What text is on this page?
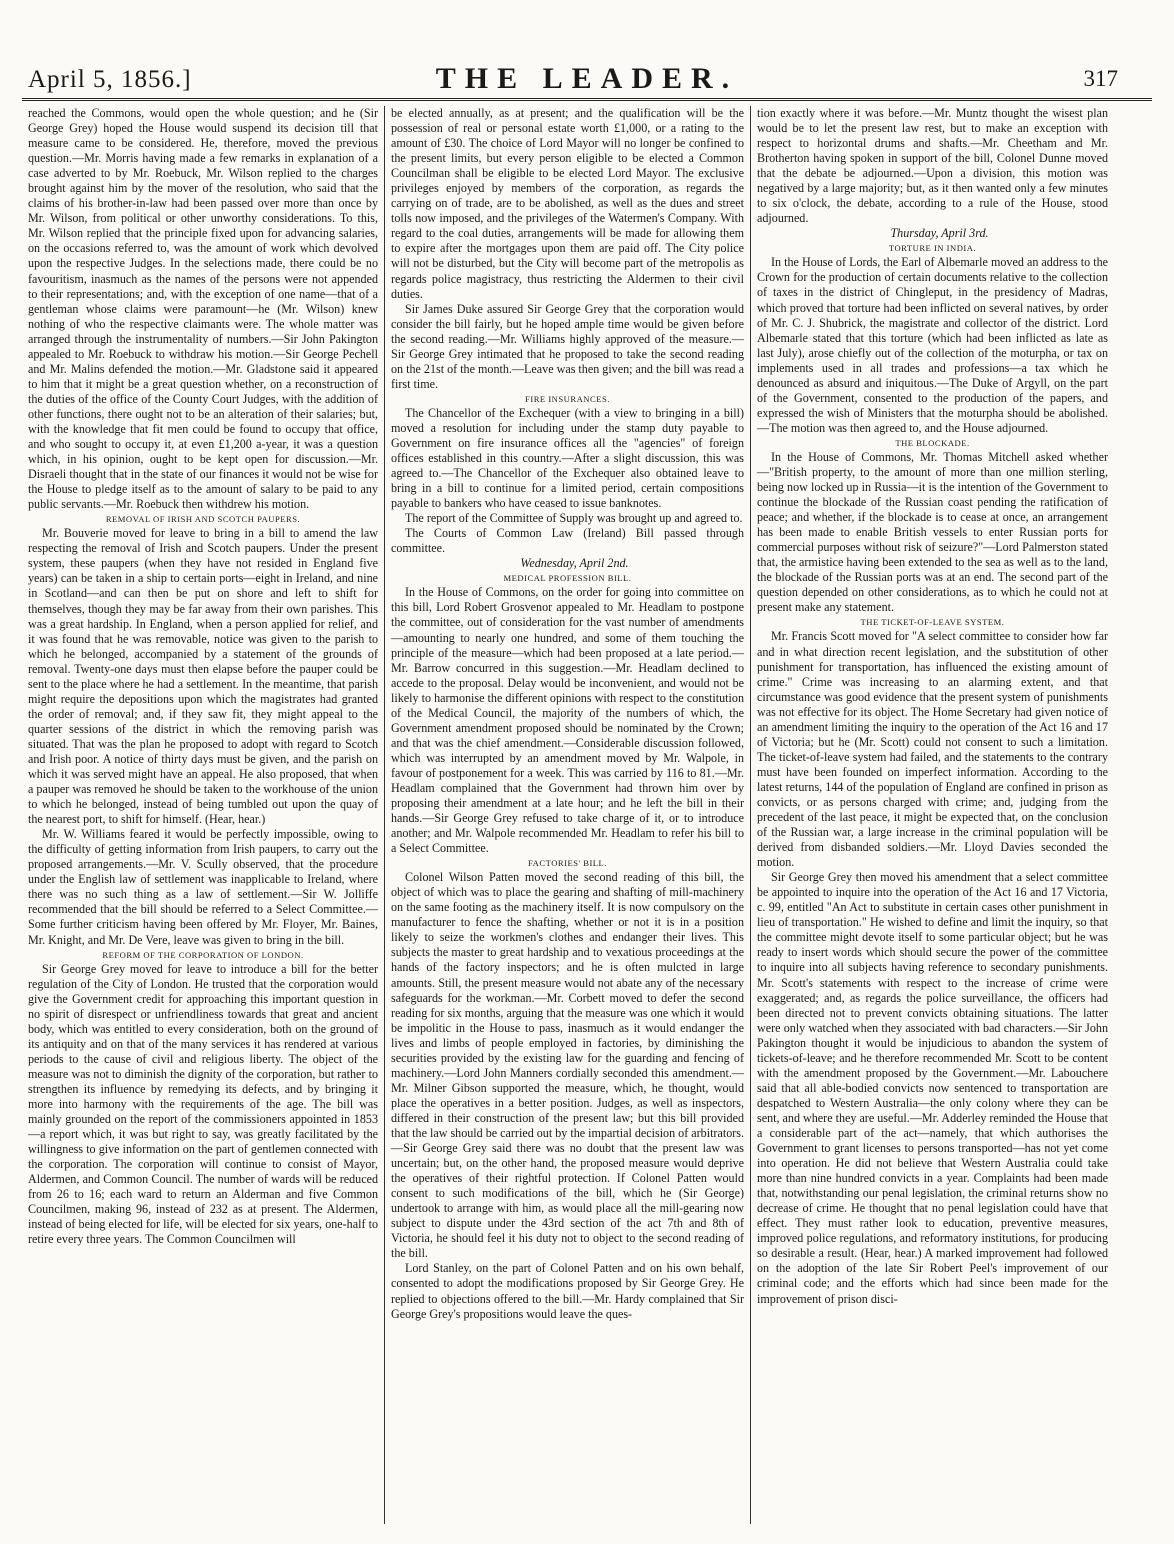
April 5, 1856.]	THE LEADER.	317

reached the Commons, would open the whole question; and he (Sir George Grey) hoped the House would suspend its decision till that measure came to be considered. He, therefore, moved the previous question.—Mr. Morris having made a few remarks in explanation of a case adverted to by Mr. Roebuck, Mr. Wilson replied to the charges brought against him by the mover of the resolution, who said that the claims of his brother-in-law had been passed over more than once by Mr. Wilson, from political or other unworthy considerations. To this, Mr. Wilson replied that the principle fixed upon for advancing salaries, on the occasions referred to, was the amount of work which devolved upon the respective Judges. In the selections made, there could be no favouritism, inasmuch as the names of the persons were not appended to their representations; and, with the exception of one name—that of a gentleman whose claims were paramount—he (Mr. Wilson) knew nothing of who the respective claimants were. The whole matter was arranged through the instrumentality of numbers.—Sir John Pakington appealed to Mr. Roebuck to withdraw his motion.—Sir George Pechell and Mr. Malins defended the motion.—Mr. Gladstone said it appeared to him that it might be a great question whether, on a reconstruction of the duties of the office of the County Court Judges, with the addition of other functions, there ought not to be an alteration of their salaries; but, with the knowledge that fit men could be found to occupy that office, and who sought to occupy it, at even £1,200 a-year, it was a question which, in his opinion, ought to be kept open for discussion.—Mr. Disraeli thought that in the state of our finances it would not be wise for the House to pledge itself as to the amount of salary to be paid to any public servants.—Mr. Roebuck then withdrew his motion.

REMOVAL OF IRISH AND SCOTCH PAUPERS.

Mr. Bouverie moved for leave to bring in a bill to amend the law respecting the removal of Irish and Scotch paupers. Under the present system, these paupers (when they have not resided in England five years) can be taken in a ship to certain ports—eight in Ireland, and nine in Scotland—and can then be put on shore and left to shift for themselves, though they may be far away from their own parishes. This was a great hardship. In England, when a person applied for relief, and it was found that he was removable, notice was given to the parish to which he belonged, accompanied by a statement of the grounds of removal. Twenty-one days must then elapse before the pauper could be sent to the place where he had a settlement. In the meantime, that parish might require the depositions upon which the magistrates had granted the order of removal; and, if they saw fit, they might appeal to the quarter sessions of the district in which the removing parish was situated. That was the plan he proposed to adopt with regard to Scotch and Irish poor. A notice of thirty days must be given, and the parish on which it was served might have an appeal. He also proposed, that when a pauper was removed he should be taken to the workhouse of the union to which he belonged, instead of being tumbled out upon the quay of the nearest port, to shift for himself. (Hear, hear.)

Mr. W. Williams feared it would be perfectly impossible, owing to the difficulty of getting information from Irish paupers, to carry out the proposed arrangements.—Mr. V. Scully observed, that the procedure under the English law of settlement was inapplicable to Ireland, where there was no such thing as a law of settlement.—Sir W. Jolliffe recommended that the bill should be referred to a Select Committee.—Some further criticism having been offered by Mr. Floyer, Mr. Baines, Mr. Knight, and Mr. De Vere, leave was given to bring in the bill.

REFORM OF THE CORPORATION OF LONDON.

Sir George Grey moved for leave to introduce a bill for the better regulation of the City of London. He trusted that the corporation would give the Government credit for approaching this important question in no spirit of disrespect or unfriendliness towards that great and ancient body, which was entitled to every consideration, both on the ground of its antiquity and on that of the many services it has rendered at various periods to the cause of civil and religious liberty. The object of the measure was not to diminish the dignity of the corporation, but rather to strengthen its influence by remedying its defects, and by bringing it more into harmony with the requirements of the age. The bill was mainly grounded on the report of the commissioners appointed in 1853—a report which, it was but right to say, was greatly facilitated by the willingness to give information on the part of gentlemen connected with the corporation. The corporation will continue to consist of Mayor, Aldermen, and Common Council. The number of wards will be reduced from 26 to 16; each ward to return an Alderman and five Common Councilmen, making 96, instead of 232 as at present. The Aldermen, instead of being elected for life, will be elected for six years, one-half to retire every three years. The Common Councilmen will

be elected annually, as at present; and the qualification will be the possession of real or personal estate worth £1,000, or a rating to the amount of £30. The choice of Lord Mayor will no longer be confined to the present limits, but every person eligible to be elected a Common Councilman shall be eligible to be elected Lord Mayor. The exclusive privileges enjoyed by members of the corporation, as regards the carrying on of trade, are to be abolished, as well as the dues and street tolls now imposed, and the privileges of the Watermen's Company. With regard to the coal duties, arrangements will be made for allowing them to expire after the mortgages upon them are paid off. The City police will not be disturbed, but the City will become part of the metropolis as regards police magistracy, thus restricting the Aldermen to their civil duties.

Sir James Duke assured Sir George Grey that the corporation would consider the bill fairly, but he hoped ample time would be given before the second reading.—Mr. Williams highly approved of the measure.—Sir George Grey intimated that he proposed to take the second reading on the 21st of the month.—Leave was then given; and the bill was read a first time.

FIRE INSURANCES.

The Chancellor of the Exchequer (with a view to bringing in a bill) moved a resolution for including under the stamp duty payable to Government on fire insurance offices all the "agencies" of foreign offices established in this country.—After a slight discussion, this was agreed to.—The Chancellor of the Exchequer also obtained leave to bring in a bill to continue for a limited period, certain compositions payable to bankers who have ceased to issue banknotes.

The report of the Committee of Supply was brought up and agreed to.

The Courts of Common Law (Ireland) Bill passed through committee.

Wednesday, April 2nd.

MEDICAL PROFESSION BILL.

In the House of Commons, on the order for going into committee on this bill, Lord Robert Grosvenor appealed to Mr. Headlam to postpone the committee, out of consideration for the vast number of amendments—amounting to nearly one hundred, and some of them touching the principle of the measure—which had been proposed at a late period.—Mr. Barrow concurred in this suggestion.—Mr. Headlam declined to accede to the proposal. Delay would be inconvenient, and would not be likely to harmonise the different opinions with respect to the constitution of the Medical Council, the majority of the numbers of which, the Government amendment proposed should be nominated by the Crown; and that was the chief amendment.—Considerable discussion followed, which was interrupted by an amendment moved by Mr. Walpole, in favour of postponement for a week. This was carried by 116 to 81.—Mr. Headlam complained that the Government had thrown him over by proposing their amendment at a late hour; and he left the bill in their hands.—Sir George Grey refused to take charge of it, or to introduce another; and Mr. Walpole recommended Mr. Headlam to refer his bill to a Select Committee.

FACTORIES' BILL.

Colonel Wilson Patten moved the second reading of this bill, the object of which was to place the gearing and shafting of mill-machinery on the same footing as the machinery itself. It is now compulsory on the manufacturer to fence the shafting, whether or not it is in a position likely to seize the workmen's clothes and endanger their lives. This subjects the master to great hardship and to vexatious proceedings at the hands of the factory inspectors; and he is often mulcted in large amounts. Still, the present measure would not abate any of the necessary safeguards for the workman.—Mr. Corbett moved to defer the second reading for six months, arguing that the measure was one which it would be impolitic in the House to pass, inasmuch as it would endanger the lives and limbs of people employed in factories, by diminishing the securities provided by the existing law for the guarding and fencing of machinery.—Lord John Manners cordially seconded this amendment.—Mr. Milner Gibson supported the measure, which, he thought, would place the operatives in a better position. Judges, as well as inspectors, differed in their construction of the present law; but this bill provided that the law should be carried out by the impartial decision of arbitrators.—Sir George Grey said there was no doubt that the present law was uncertain; but, on the other hand, the proposed measure would deprive the operatives of their rightful protection. If Colonel Patten would consent to such modifications of the bill, which he (Sir George) undertook to arrange with him, as would place all the mill-gearing now subject to dispute under the 43rd section of the act 7th and 8th of Victoria, he should feel it his duty not to object to the second reading of the bill.

Lord Stanley, on the part of Colonel Patten and on his own behalf, consented to adopt the modifications proposed by Sir George Grey. He replied to objections offered to the bill.—Mr. Hardy complained that Sir George Grey's propositions would leave the ques-

tion exactly where it was before.—Mr. Muntz thought the wisest plan would be to let the present law rest, but to make an exception with respect to horizontal drums and shafts.—Mr. Cheetham and Mr. Brotherton having spoken in support of the bill, Colonel Dunne moved that the debate be adjourned.—Upon a division, this motion was negatived by a large majority; but, as it then wanted only a few minutes to six o'clock, the debate, according to a rule of the House, stood adjourned.

Thursday, April 3rd.

TORTURE IN INDIA.

In the House of Lords, the Earl of Albemarle moved an address to the Crown for the production of certain documents relative to the collection of taxes in the district of Chingleput, in the presidency of Madras, which proved that torture had been inflicted on several natives, by order of Mr. C. J. Shubrick, the magistrate and collector of the district. Lord Albemarle stated that this torture (which had been inflicted as late as last July), arose chiefly out of the collection of the moturpha, or tax on implements used in all trades and professions—a tax which he denounced as absurd and iniquitous.—The Duke of Argyll, on the part of the Government, consented to the production of the papers, and expressed the wish of Ministers that the moturpha should be abolished.—The motion was then agreed to, and the House adjourned.

THE BLOCKADE.

In the House of Commons, Mr. Thomas Mitchell asked whether—"British property, to the amount of more than one million sterling, being now locked up in Russia—it is the intention of the Government to continue the blockade of the Russian coast pending the ratification of peace; and whether, if the blockade is to cease at once, an arrangement has been made to enable British vessels to enter Russian ports for commercial purposes without risk of seizure?"—Lord Palmerston stated that, the armistice having been extended to the sea as well as to the land, the blockade of the Russian ports was at an end. The second part of the question depended on other considerations, as to which he could not at present make any statement.

THE TICKET-OF-LEAVE SYSTEM.

Mr. Francis Scott moved for "A select committee to consider how far and in what direction recent legislation, and the substitution of other punishment for transportation, has influenced the existing amount of crime." Crime was increasing to an alarming extent, and that circumstance was good evidence that the present system of punishments was not effective for its object. The Home Secretary had given notice of an amendment limiting the inquiry to the operation of the Act 16 and 17 of Victoria; but he (Mr. Scott) could not consent to such a limitation. The ticket-of-leave system had failed, and the statements to the contrary must have been founded on imperfect information. According to the latest returns, 144 of the population of England are confined in prison as convicts, or as persons charged with crime; and, judging from the precedent of the last peace, it might be expected that, on the conclusion of the Russian war, a large increase in the criminal population will be derived from disbanded soldiers.—Mr. Lloyd Davies seconded the motion.

Sir George Grey then moved his amendment that a select committee be appointed to inquire into the operation of the Act 16 and 17 Victoria, c. 99, entitled "An Act to substitute in certain cases other punishment in lieu of transportation." He wished to define and limit the inquiry, so that the committee might devote itself to some particular object; but he was ready to insert words which should secure the power of the committee to inquire into all subjects having reference to secondary punishments. Mr. Scott's statements with respect to the increase of crime were exaggerated; and, as regards the police surveillance, the officers had been directed not to prevent convicts obtaining situations. The latter were only watched when they associated with bad characters.—Sir John Pakington thought it would be injudicious to abandon the system of tickets-of-leave; and he therefore recommended Mr. Scott to be content with the amendment proposed by the Government.—Mr. Labouchere said that all able-bodied convicts now sentenced to transportation are despatched to Western Australia—the only colony where they can be sent, and where they are useful.—Mr. Adderley reminded the House that a considerable part of the act—namely, that which authorises the Government to grant licenses to persons transported—has not yet come into operation. He did not believe that Western Australia could take more than nine hundred convicts in a year. Complaints had been made that, notwithstanding our penal legislation, the criminal returns show no decrease of crime. He thought that no penal legislation could have that effect. They must rather look to education, preventive measures, improved police regulations, and reformatory institutions, for producing so desirable a result. (Hear, hear.) A marked improvement had followed on the adoption of the late Sir Robert Peel's improvement of our criminal code; and the efforts which had since been made for the improvement of prison disci-
